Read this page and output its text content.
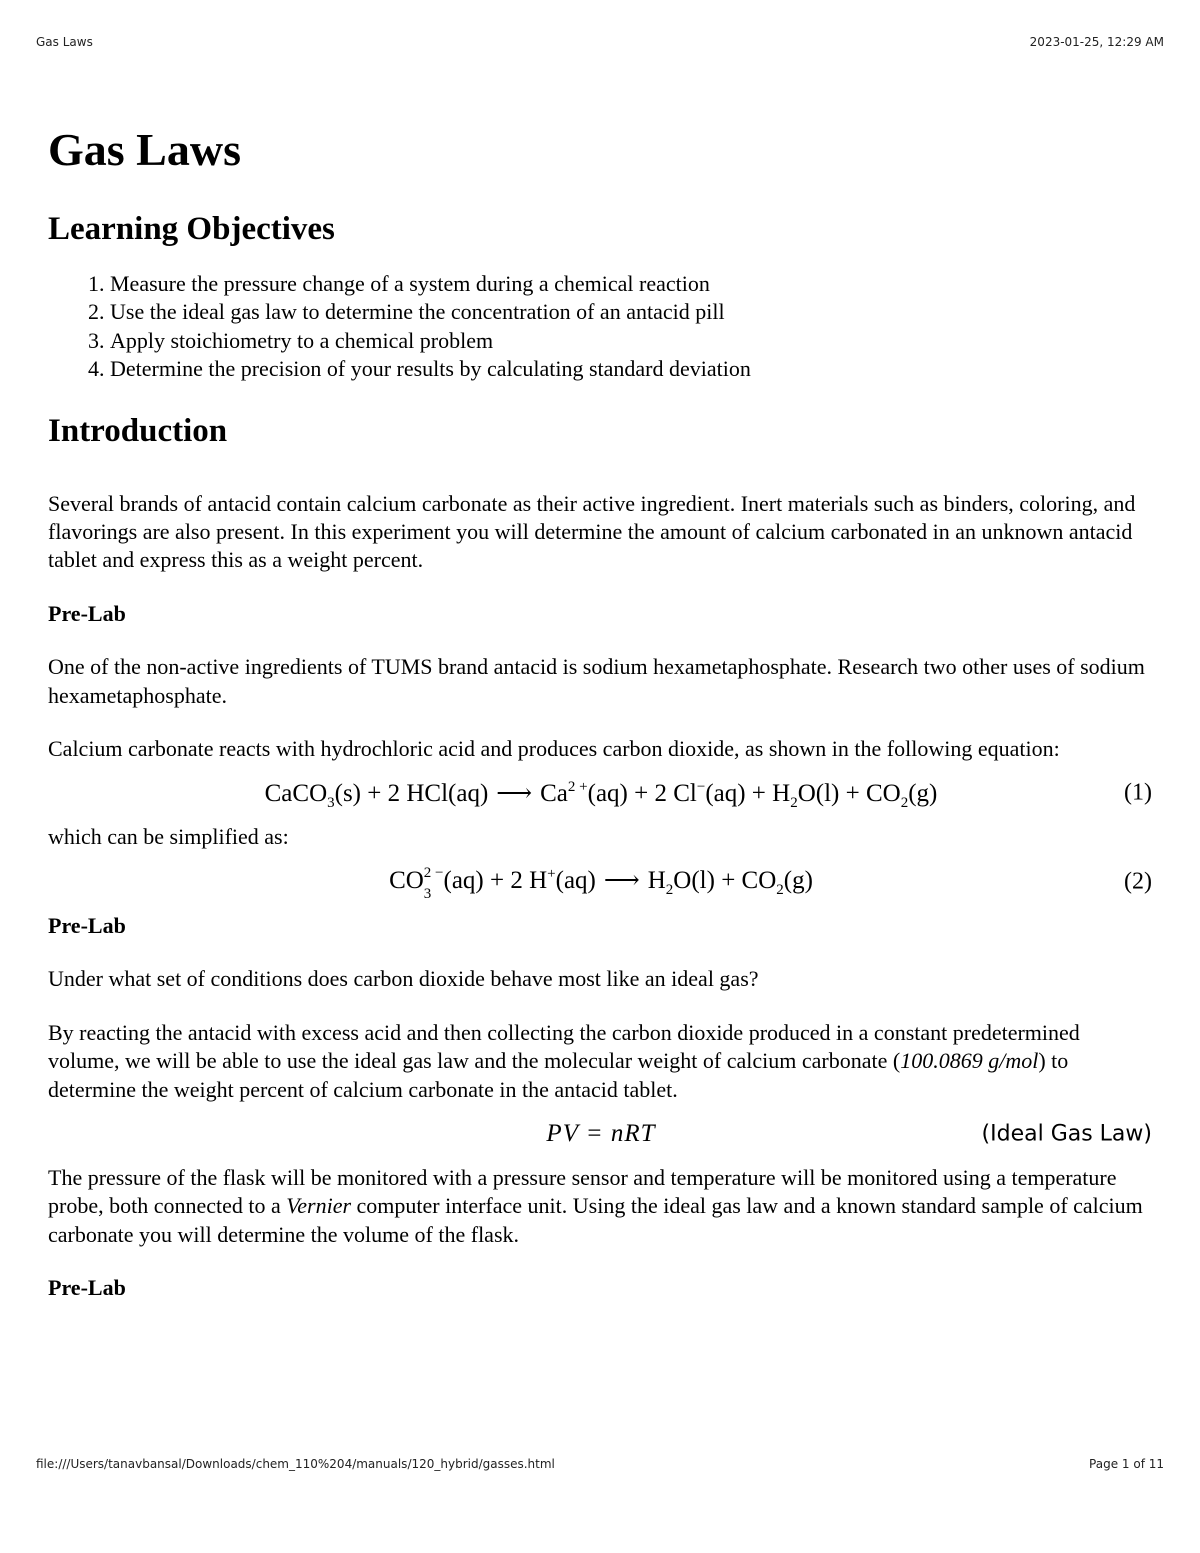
Gas Laws	2023-01-25, 12:29 AM
Gas Laws
Learning Objectives
1. Measure the pressure change of a system during a chemical reaction
2. Use the ideal gas law to determine the concentration of an antacid pill
3. Apply stoichiometry to a chemical problem
4. Determine the precision of your results by calculating standard deviation
Introduction

Several brands of antacid contain calcium carbonate as their active ingredient. Inert materials such as binders, coloring, and flavorings are also present. In this experiment you will determine the amount of calcium carbonated in an unknown antacid tablet and express this as a weight percent.

Pre-Lab

One of the non-active ingredients of TUMS brand antacid is sodium hexametaphosphate. Research two other uses of sodium hexametaphosphate.

Calcium carbonate reacts with hydrochloric acid and produces carbon dioxide, as shown in the following equation:

CaCO$_3$(s) + 2 HCl(aq) ⟶ $Ca^{2 +}(aq) + 2$ $Cl^-(aq) + H_2O(l) + CO_2(g)$	(1)

which can be simplified as:

CO 2 −
3 (aq) + 2 H+(aq) ⟶ $H_2O(l) + CO_2(g)$	(2)

Pre-Lab

Under what set of conditions does carbon dioxide behave most like an ideal gas?

By reacting the antacid with excess acid and then collecting the carbon dioxide produced in a constant predetermined volume, we will be able to use the ideal gas law and the molecular weight of calcium carbonate (100.0869 g/mol) to determine the weight percent of calcium carbonate in the antacid tablet.

PV = nRT	(Ideal Gas Law)

The pressure of the flask will be monitored with a pressure sensor and temperature will be monitored using a temperature probe, both connected to a Vernier computer interface unit. Using the ideal gas law and a known standard sample of calcium carbonate you will determine the volume of the flask.

Pre-Lab

file:///Users/tanavbansal/Downloads/chem_110%204/manuals/120_hybrid/gasses.html	Page 1 of 11
